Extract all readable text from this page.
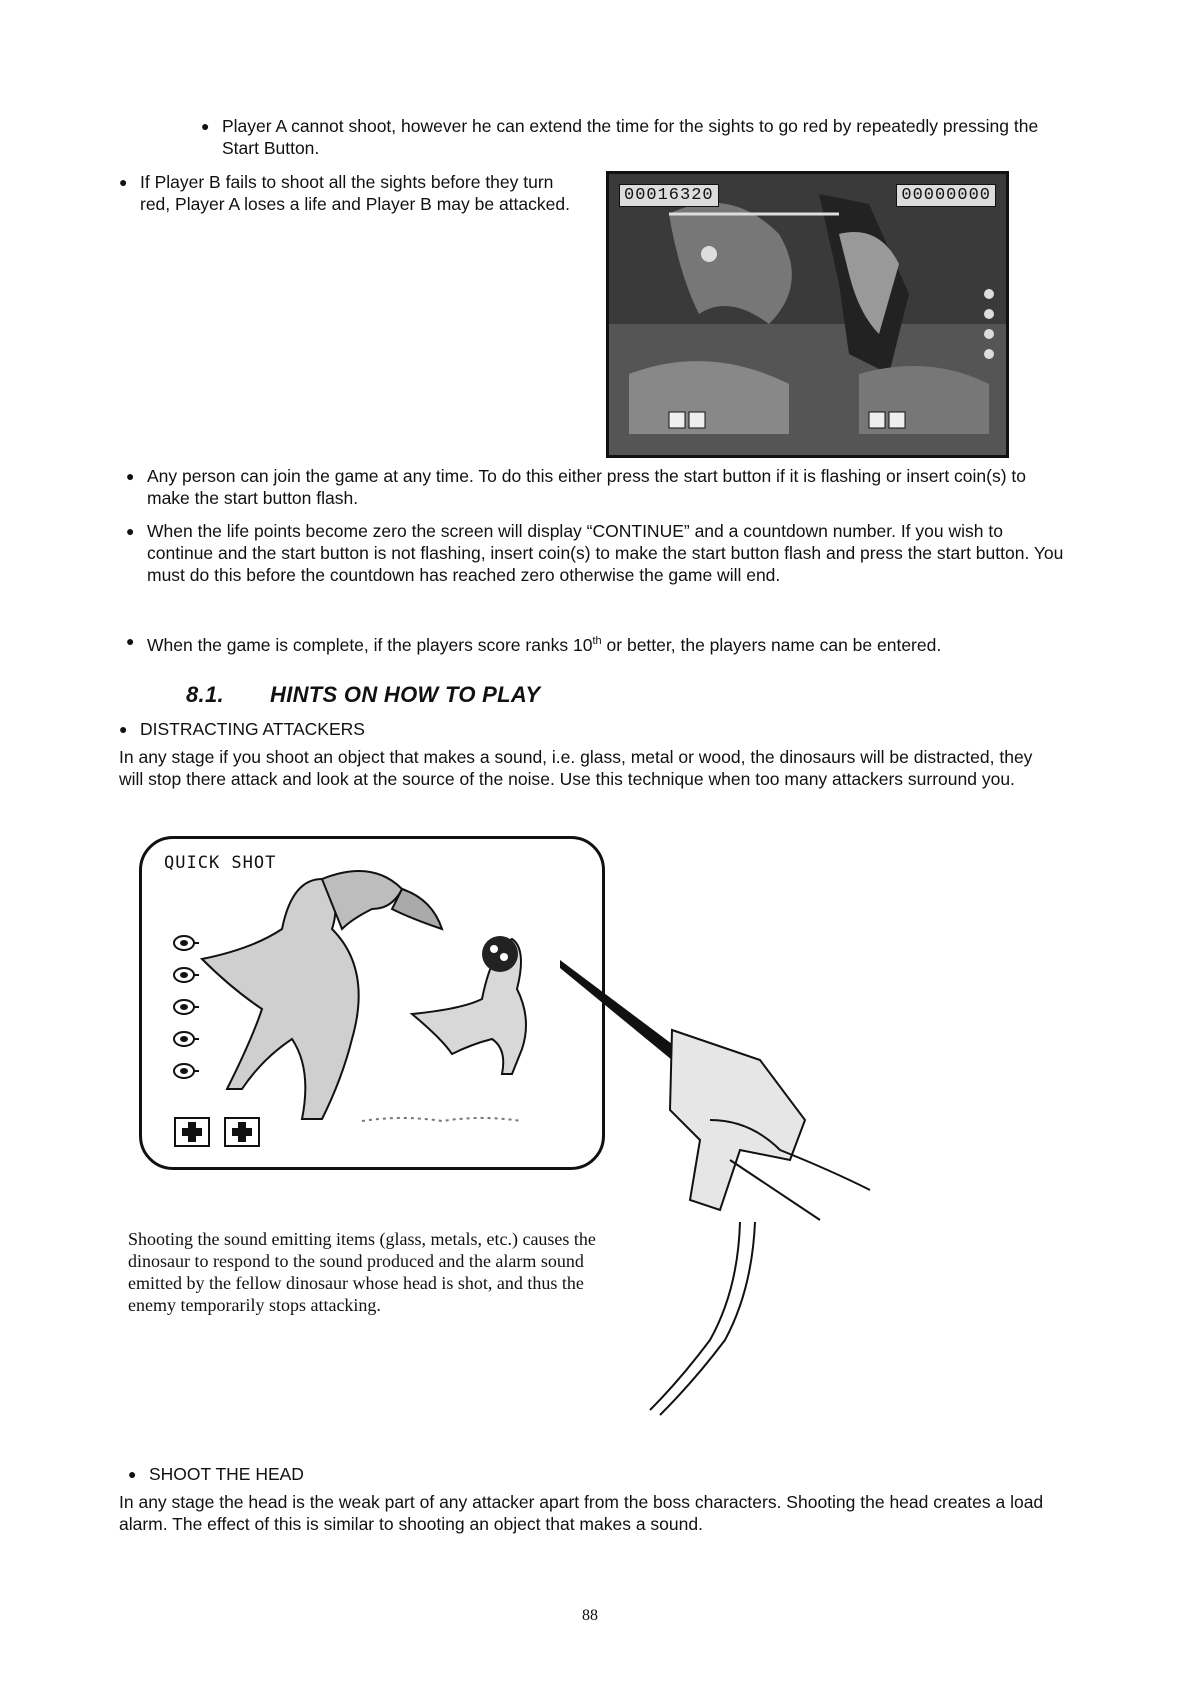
● Player A cannot shoot, however he can extend the time for the sights to go red by repeatedly pressing the Start Button.
● If Player B fails to shoot all the sights before they turn red, Player A loses a life and Player B may be attacked.	00016320	00000000
● Any person can join the game at any time. To do this either press the start button if it is flashing or insert coin(s) to make the start button flash.
● When the life points become zero the screen will display “CONTINUE” and a countdown number. If you wish to continue and the start button is not flashing, insert coin(s) to make the start button flash and press the start button. You must do this before the countdown has reached zero otherwise the game will end.
● When the game is complete, if the players score ranks 10th or better, the players name can be entered.
8.1. HINTS ON HOW TO PLAY
● DISTRACTING ATTACKERS
In any stage if you shoot an object that makes a sound, i.e. glass, metal or wood, the dinosaurs will be distracted, they will stop there attack and look at the source of the noise. Use this technique when too many attackers surround you.
QUICK SHOT
Shooting the sound emitting items (glass, metals, etc.) causes the dinosaur to respond to the sound produced and the alarm sound emitted by the fellow dinosaur whose head is shot, and thus the enemy temporarily stops attacking.
● SHOOT THE HEAD
In any stage the head is the weak part of any attacker apart from the boss characters. Shooting the head creates a load alarm. The effect of this is similar to shooting an object that makes a sound.
88
